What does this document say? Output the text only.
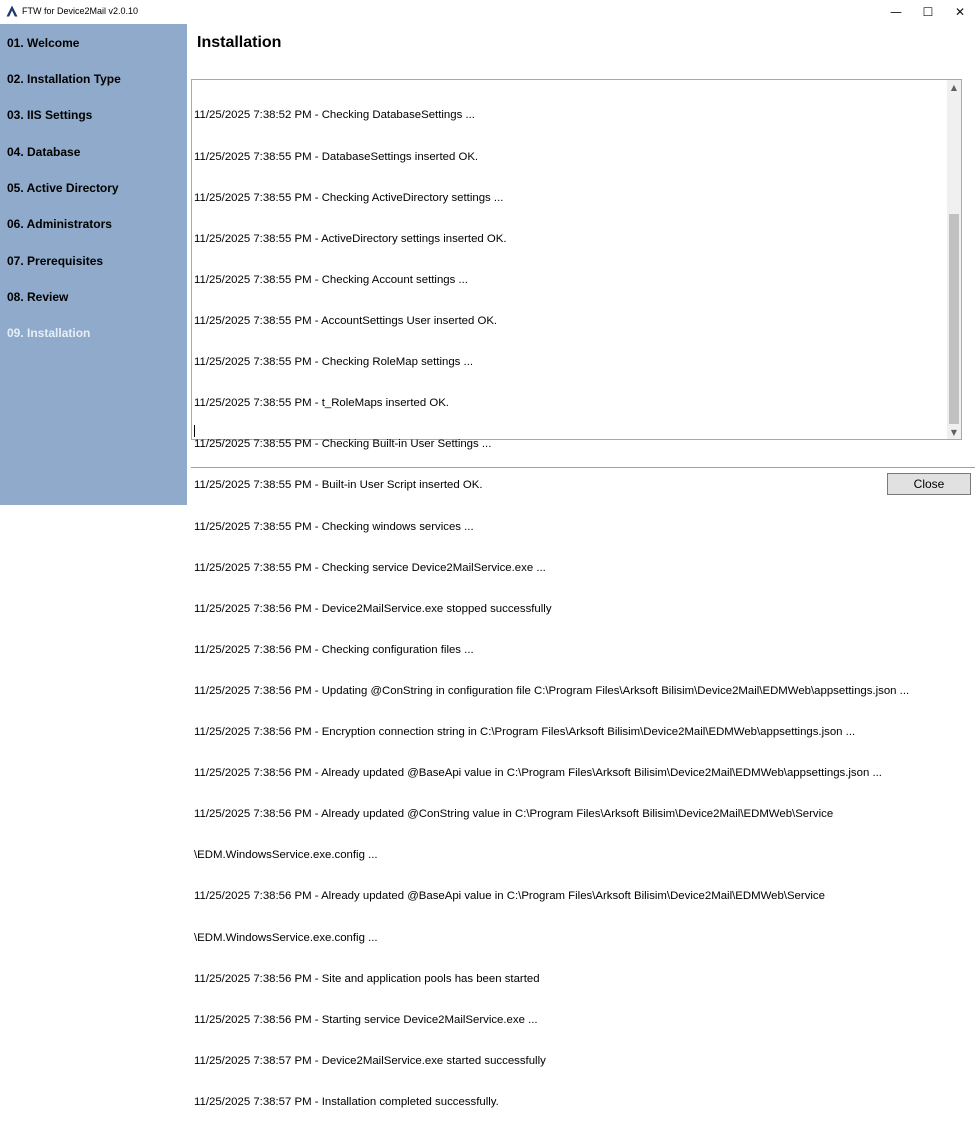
FTW for Device2Mail v2.0.10	— ☐ ✕
01. Welcome
02. Installation Type
03. IIS Settings
04. Database
05. Active Directory
06. Administrators
07. Prerequisites
08. Review
09. Installation
Installation

11/25/2025 7:38:52 PM - Checking DatabaseSettings ...

11/25/2025 7:38:55 PM - DatabaseSettings inserted OK.

11/25/2025 7:38:55 PM - Checking ActiveDirectory settings ...

11/25/2025 7:38:55 PM - ActiveDirectory settings inserted OK.

11/25/2025 7:38:55 PM - Checking Account settings ...

11/25/2025 7:38:55 PM - AccountSettings User inserted OK.

11/25/2025 7:38:55 PM - Checking RoleMap settings ...

11/25/2025 7:38:55 PM - t_RoleMaps inserted OK.

11/25/2025 7:38:55 PM - Checking Built-in User Settings ...

11/25/2025 7:38:55 PM - Built-in User Script inserted OK.

11/25/2025 7:38:55 PM - Checking windows services ...

11/25/2025 7:38:55 PM - Checking service Device2MailService.exe ...

11/25/2025 7:38:56 PM - Device2MailService.exe stopped successfully

11/25/2025 7:38:56 PM - Checking configuration files ...

11/25/2025 7:38:56 PM - Updating @ConString in configuration file C:\Program Files\Arksoft Bilisim\Device2Mail\EDMWeb\appsettings.json ...

11/25/2025 7:38:56 PM - Encryption connection string in C:\Program Files\Arksoft Bilisim\Device2Mail\EDMWeb\appsettings.json ...

11/25/2025 7:38:56 PM - Already updated @BaseApi value in C:\Program Files\Arksoft Bilisim\Device2Mail\EDMWeb\appsettings.json ...

11/25/2025 7:38:56 PM - Already updated @ConString value in C:\Program Files\Arksoft Bilisim\Device2Mail\EDMWeb\Service

\EDM.WindowsService.exe.config ...

11/25/2025 7:38:56 PM - Already updated @BaseApi value in C:\Program Files\Arksoft Bilisim\Device2Mail\EDMWeb\Service

\EDM.WindowsService.exe.config ...

11/25/2025 7:38:56 PM - Site and application pools has been started

11/25/2025 7:38:56 PM - Starting service Device2MailService.exe ...

11/25/2025 7:38:57 PM - Device2MailService.exe started successfully

11/25/2025 7:38:57 PM - Installation completed successfully.

▲
▼
Close
